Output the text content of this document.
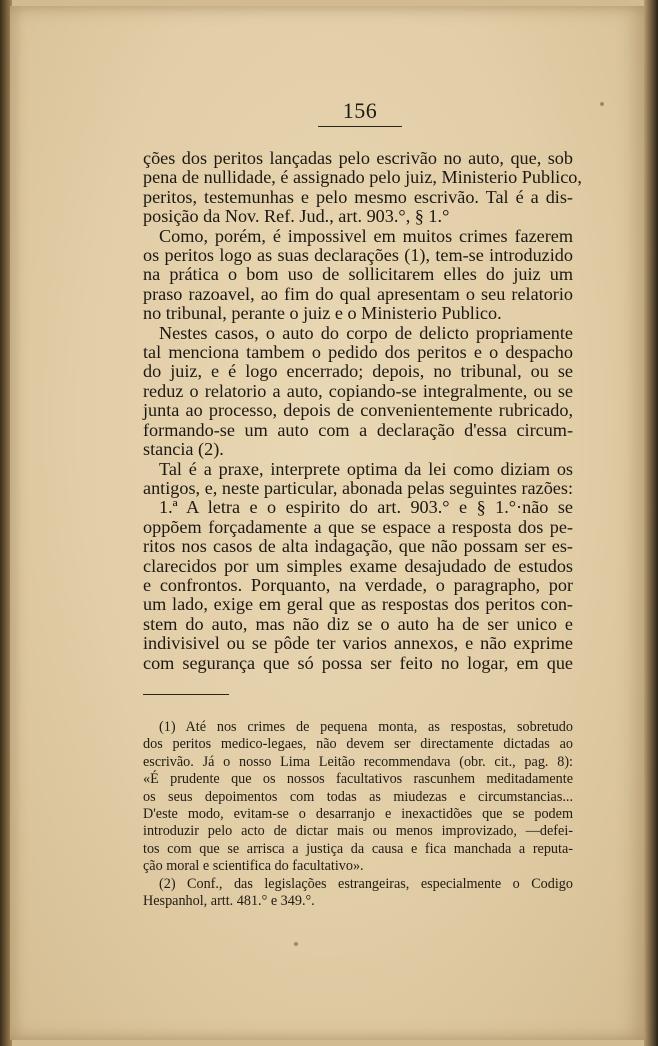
156
ções dos peritos lançadas pelo escrivão no auto, que, sob
pena de nullidade, é assignado pelo juiz, Ministerio Publico,
peritos, testemunhas e pelo mesmo escrivão. Tal é a dis-
posição da Nov. Ref. Jud., art. 903.°, § 1.°
Como, porém, é impossivel em muitos crimes fazerem
os peritos logo as suas declarações (1), tem-se introduzido
na prática o bom uso de sollicitarem elles do juiz um
praso razoavel, ao fim do qual apresentam o seu relatorio
no tribunal, perante o juiz e o Ministerio Publico.
Nestes casos, o auto do corpo de delicto propriamente
tal menciona tambem o pedido dos peritos e o despacho
do juiz, e é logo encerrado; depois, no tribunal, ou se
reduz o relatorio a auto, copiando-se integralmente, ou se
junta ao processo, depois de convenientemente rubricado,
formando-se um auto com a declaração d'essa circum-
stancia (2).
Tal é a praxe, interprete optima da lei como diziam os
antigos, e, neste particular, abonada pelas seguintes razões:
1.ª A letra e o espirito do art. 903.° e § 1.°·não se
oppõem forçadamente a que se espace a resposta dos pe-
ritos nos casos de alta indagação, que não possam ser es-
clarecidos por um simples exame desajudado de estudos
e confrontos. Porquanto, na verdade, o paragrapho, por
um lado, exige em geral que as respostas dos peritos con-
stem do auto, mas não diz se o auto ha de ser unico e
indivisivel ou se pôde ter varios annexos, e não exprime
com segurança que só possa ser feito no logar, em que
(1) Até nos crimes de pequena monta, as respostas, sobretudo
dos peritos medico-legaes, não devem ser directamente dictadas ao
escrivão. Já o nosso Lima Leitão recommendava (obr. cit., pag. 8):
«É prudente que os nossos facultativos rascunhem meditadamente
os seus depoimentos com todas as miudezas e circumstancias...
D'este modo, evitam-se o desarranjo e inexactidões que se podem
introduzir pelo acto de dictar mais ou menos improvizado, —defei-
tos com que se arrisca a justiça da causa e fica manchada a reputa-
ção moral e scientifica do facultativo».
(2) Conf., das legislações estrangeiras, especialmente o Codigo
Hespanhol, artt. 481.° e 349.°.
